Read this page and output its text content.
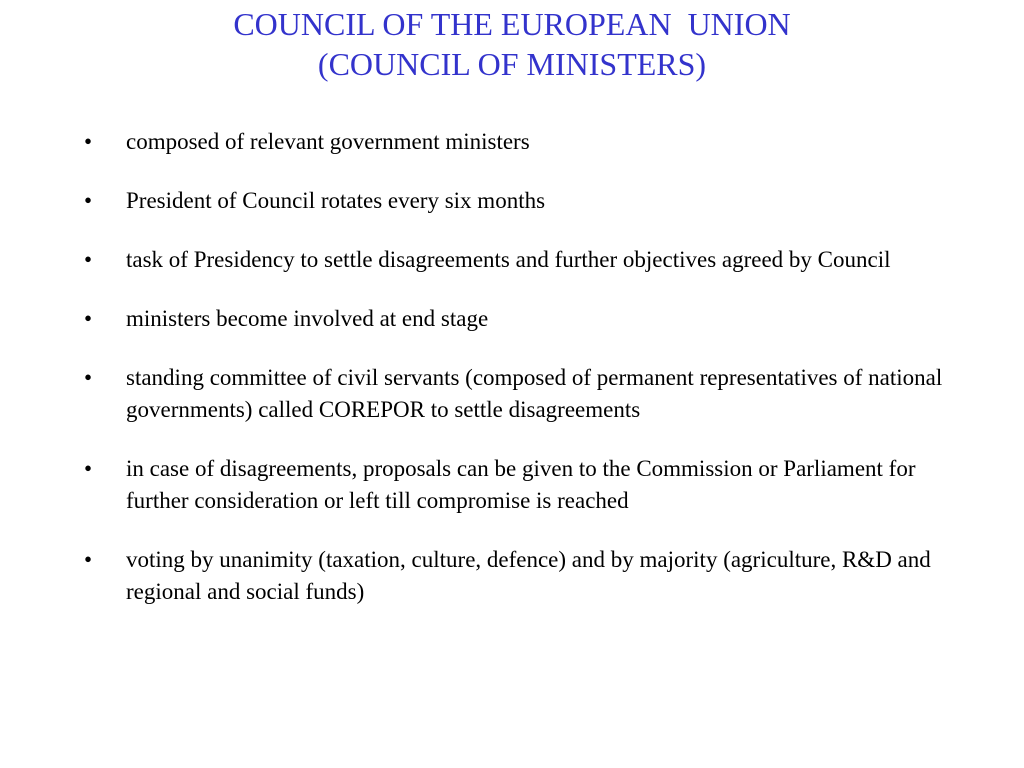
COUNCIL OF THE EUROPEAN  UNION
(COUNCIL OF MINISTERS)
•	composed of relevant government ministers
•	President of Council rotates every six months
•	task of Presidency to settle disagreements and further objectives agreed by Council
•	ministers become involved at end stage
•	standing committee of civil servants (composed of permanent representatives of national governments) called COREPOR to settle disagreements
•	in case of disagreements, proposals can be given to the Commission or Parliament for further consideration or left till compromise is reached
•	voting by unanimity (taxation, culture, defence) and by majority (agriculture, R&D and regional and social funds)
